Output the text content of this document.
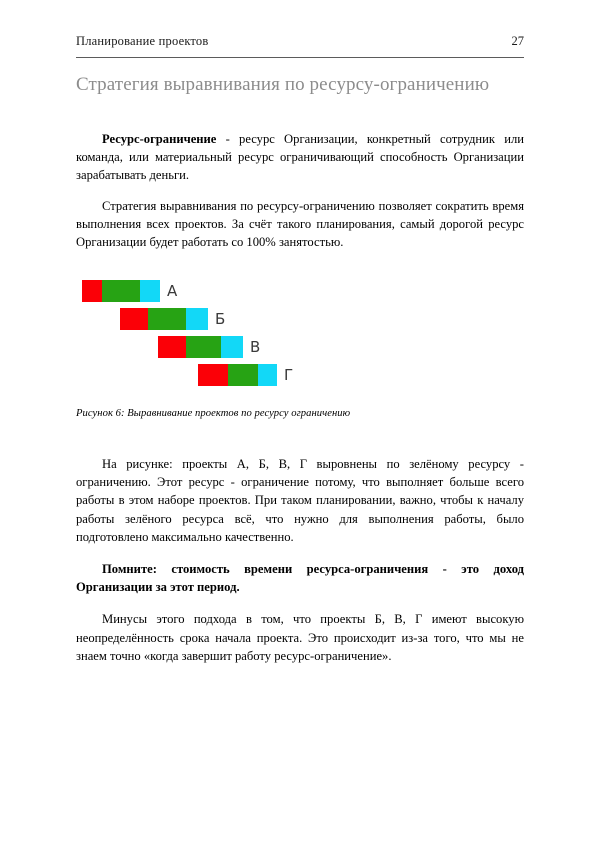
Планирование проектов	27
Стратегия выравнивания по ресурсу-ограничению

Ресурс-ограничение - ресурс Организации, конкретный сотрудник или команда, или материальный ресурс ограничивающий способность Организации зарабатывать деньги.

Стратегия выравнивания по ресурсу-ограничению позволяет сократить время выполнения всех проектов. За счёт такого планирования, самый дорогой ресурс Организации будет работать со 100% занятостью.

А
Б
В
Г
Рисунок 6: Выравнивание проектов по ресурсу ограничению

На рисунке: проекты А, Б, В, Г выровнены по зелёному ресурсу - ограничению. Этот ресурс - ограничение потому, что выполняет больше всего работы в этом наборе проектов. При таком планировании, важно, чтобы к началу работы зелёного ресурса всё, что нужно для выполнения работы, было подготовлено максимально качественно.

Помните: стоимость времени ресурса-ограничения - это доход Организации за этот период.

Минусы этого подхода в том, что проекты Б, В, Г имеют высокую неопределённость срока начала проекта. Это происходит из-за того, что мы не знаем точно «когда завершит работу ресурс-ограничение».
